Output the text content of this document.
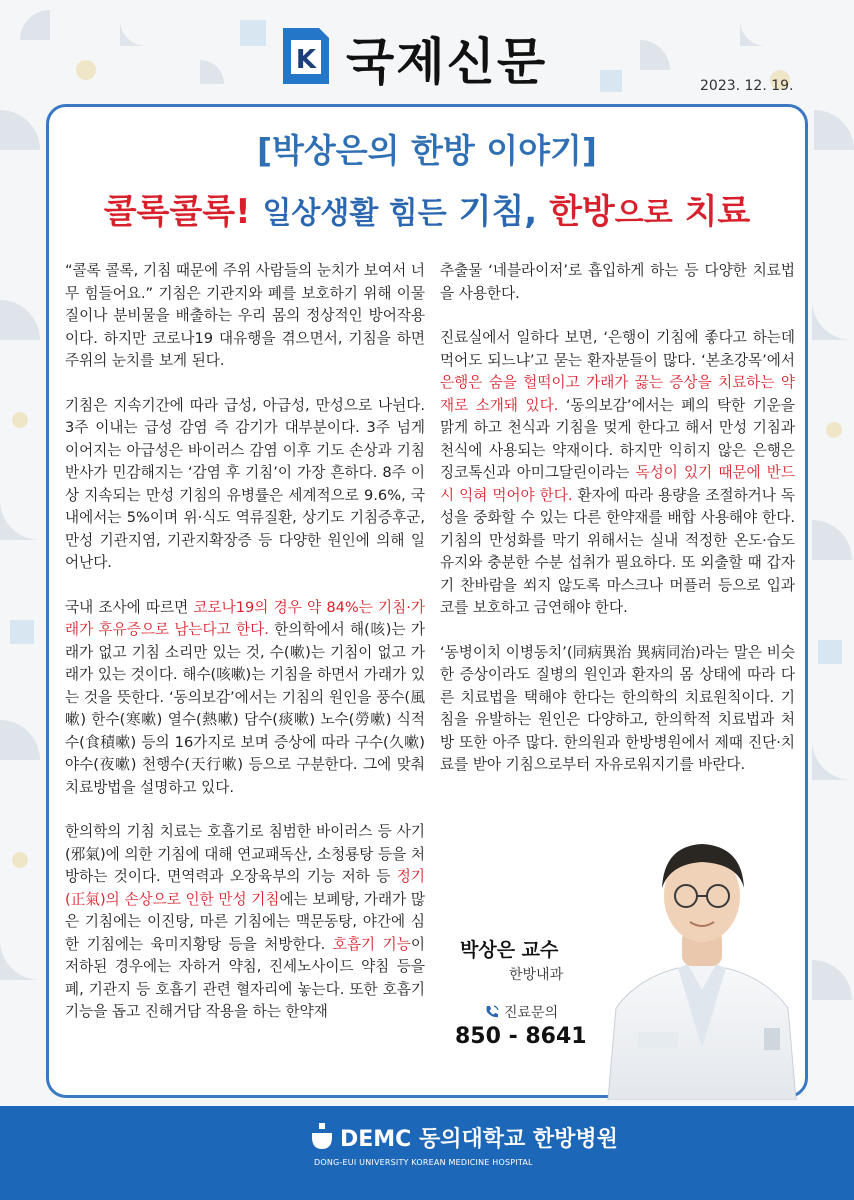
K 국제신문	2023. 12. 19.
[박상은의 한방 이야기]
콜록콜록! 일상생활 힘든 기침, 한방으로 치료

“콜록 콜록, 기침 때문에 주위 사람들의 눈치가 보여서 너무 힘들어요.” 기침은 기관지와 폐를 보호하기 위해 이물질이나 분비물을 배출하는 우리 몸의 정상적인 방어작용이다. 하지만 코로나19 대유행을 겪으면서, 기침을 하면 주위의 눈치를 보게 된다.

기침은 지속기간에 따라 급성, 아급성, 만성으로 나뉜다. 3주 이내는 급성 감염 즉 감기가 대부분이다. 3주 넘게 이어지는 아급성은 바이러스 감염 이후 기도 손상과 기침 반사가 민감해지는 ‘감염 후 기침’이 가장 흔하다. 8주 이상 지속되는 만성 기침의 유병률은 세계적으로 9.6%, 국내에서는 5%이며 위·식도 역류질환, 상기도 기침증후군, 만성 기관지염, 기관지확장증 등 다양한 원인에 의해 일어난다.

국내 조사에 따르면 코로나19의 경우 약 84%는 기침·가래가 후유증으로 남는다고 한다. 한의학에서 해(咳)는 가래가 없고 기침 소리만 있는 것, 수(嗽)는 기침이 없고 가래가 있는 것이다. 해수(咳嗽)는 기침을 하면서 가래가 있는 것을 뜻한다. ‘동의보감’에서는 기침의 원인을 풍수(風嗽) 한수(寒嗽) 열수(熱嗽) 담수(痰嗽) 노수(勞嗽) 식적수(食積嗽) 등의 16가지로 보며 증상에 따라 구수(久嗽) 야수(夜嗽) 천행수(天行嗽) 등으로 구분한다. 그에 맞춰 치료방법을 설명하고 있다.

한의학의 기침 치료는 호흡기로 침범한 바이러스 등 사기(邪氣)에 의한 기침에 대해 연교패독산, 소청룡탕 등을 처방하는 것이다. 면역력과 오장육부의 기능 저하 등 정기(正氣)의 손상으로 인한 만성 기침에는 보폐탕, 가래가 많은 기침에는 이진탕, 마른 기침에는 맥문동탕, 야간에 심한 기침에는 육미지황탕 등을 처방한다. 호흡기 기능이 저하된 경우에는 자하거 약침, 진세노사이드 약침 등을 폐, 기관지 등 호흡기 관련 혈자리에 놓는다. 또한 호흡기 기능을 돕고 진해거담 작용을 하는 한약재

추출물 ‘네블라이저’로 흡입하게 하는 등 다양한 치료법을 사용한다.

진료실에서 일하다 보면, ‘은행이 기침에 좋다고 하는데 먹어도 되느냐’고 묻는 환자분들이 많다. ‘본초강목’에서 은행은 숨을 헐떡이고 가래가 끓는 증상을 치료하는 약재로 소개돼 있다. ‘동의보감’에서는 폐의 탁한 기운을 맑게 하고 천식과 기침을 멎게 한다고 해서 만성 기침과 천식에 사용되는 약재이다. 하지만 익히지 않은 은행은 징코톡신과 아미그달린이라는 독성이 있기 때문에 반드시 익혀 먹어야 한다. 환자에 따라 용량을 조절하거나 독성을 중화할 수 있는 다른 한약재를 배합 사용해야 한다. 기침의 만성화를 막기 위해서는 실내 적정한 온도·습도 유지와 충분한 수분 섭취가 필요하다. 또 외출할 때 갑자기 찬바람을 쐬지 않도록 마스크나 머플러 등으로 입과 코를 보호하고 금연해야 한다.

‘동병이치 이병동치’(同病異治 異病同治)라는 말은 비슷한 증상이라도 질병의 원인과 환자의 몸 상태에 따라 다른 치료법을 택해야 한다는 한의학의 치료원칙이다. 기침을 유발하는 원인은 다양하고, 한의학적 치료법과 처방 또한 아주 많다. 한의원과 한방병원에서 제때 진단·치료를 받아 기침으로부터 자유로워지기를 바란다.

박상은 교수
한방내과
진료문의
850 - 8641
DEMC 동의대학교 한방병원
DONG-EUI UNIVERSITY KOREAN MEDICINE HOSPITAL
